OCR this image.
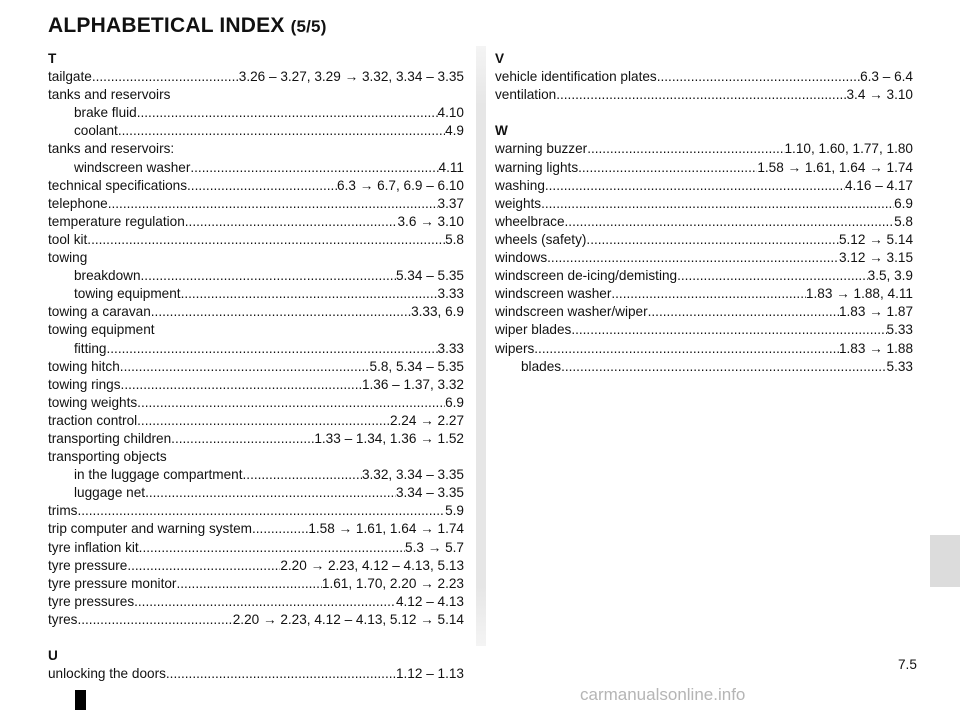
ALPHABETICAL INDEX (5/5)
T
tailgate .....	3.26 – 3.27, 3.29 → 3.32, 3.34 – 3.35
tanks and reservoirs
brake fluid .....	4.10
coolant .....	4.9
tanks and reservoirs:
windscreen washer .....	4.11
technical specifications .....	6.3 → 6.7, 6.9 – 6.10
telephone .....	3.37
temperature regulation .....	3.6 → 3.10
tool kit .....	5.8
towing
breakdown .....	5.34 – 5.35
towing equipment .....	3.33
towing a caravan .....	3.33, 6.9
towing equipment
fitting .....	3.33
towing hitch .....	5.8, 5.34 – 5.35
towing rings .....	1.36 – 1.37, 3.32
towing weights .....	6.9
traction control .....	2.24 → 2.27
transporting children .....	1.33 – 1.34, 1.36 → 1.52
transporting objects
in the luggage compartment .....	3.32, 3.34 – 3.35
luggage net .....	3.34 – 3.35
trims .....	5.9
trip computer and warning system .....	1.58 → 1.61, 1.64 → 1.74
tyre inflation kit .....	5.3 → 5.7
tyre pressure .....	2.20 → 2.23, 4.12 – 4.13, 5.13
tyre pressure monitor .....	1.61, 1.70, 2.20 → 2.23
tyre pressures .....	4.12 – 4.13
tyres .....	2.20 → 2.23, 4.12 – 4.13, 5.12 → 5.14
U
unlocking the doors .....	1.12 – 1.13
V
vehicle identification plates .....	6.3 – 6.4
ventilation .....	3.4 → 3.10
W
warning buzzer .....	1.10, 1.60, 1.77, 1.80
warning lights .....	1.58 → 1.61, 1.64 → 1.74
washing .....	4.16 – 4.17
weights .....	6.9
wheelbrace .....	5.8
wheels (safety) .....	5.12 → 5.14
windows .....	3.12 → 3.15
windscreen de-icing/demisting .....	3.5, 3.9
windscreen washer .....	1.83 → 1.88, 4.11
windscreen washer/wiper .....	1.83 → 1.87
wiper blades .....	5.33
wipers .....	1.83 → 1.88
blades .....	5.33
7.5
carmanualsonline.info
